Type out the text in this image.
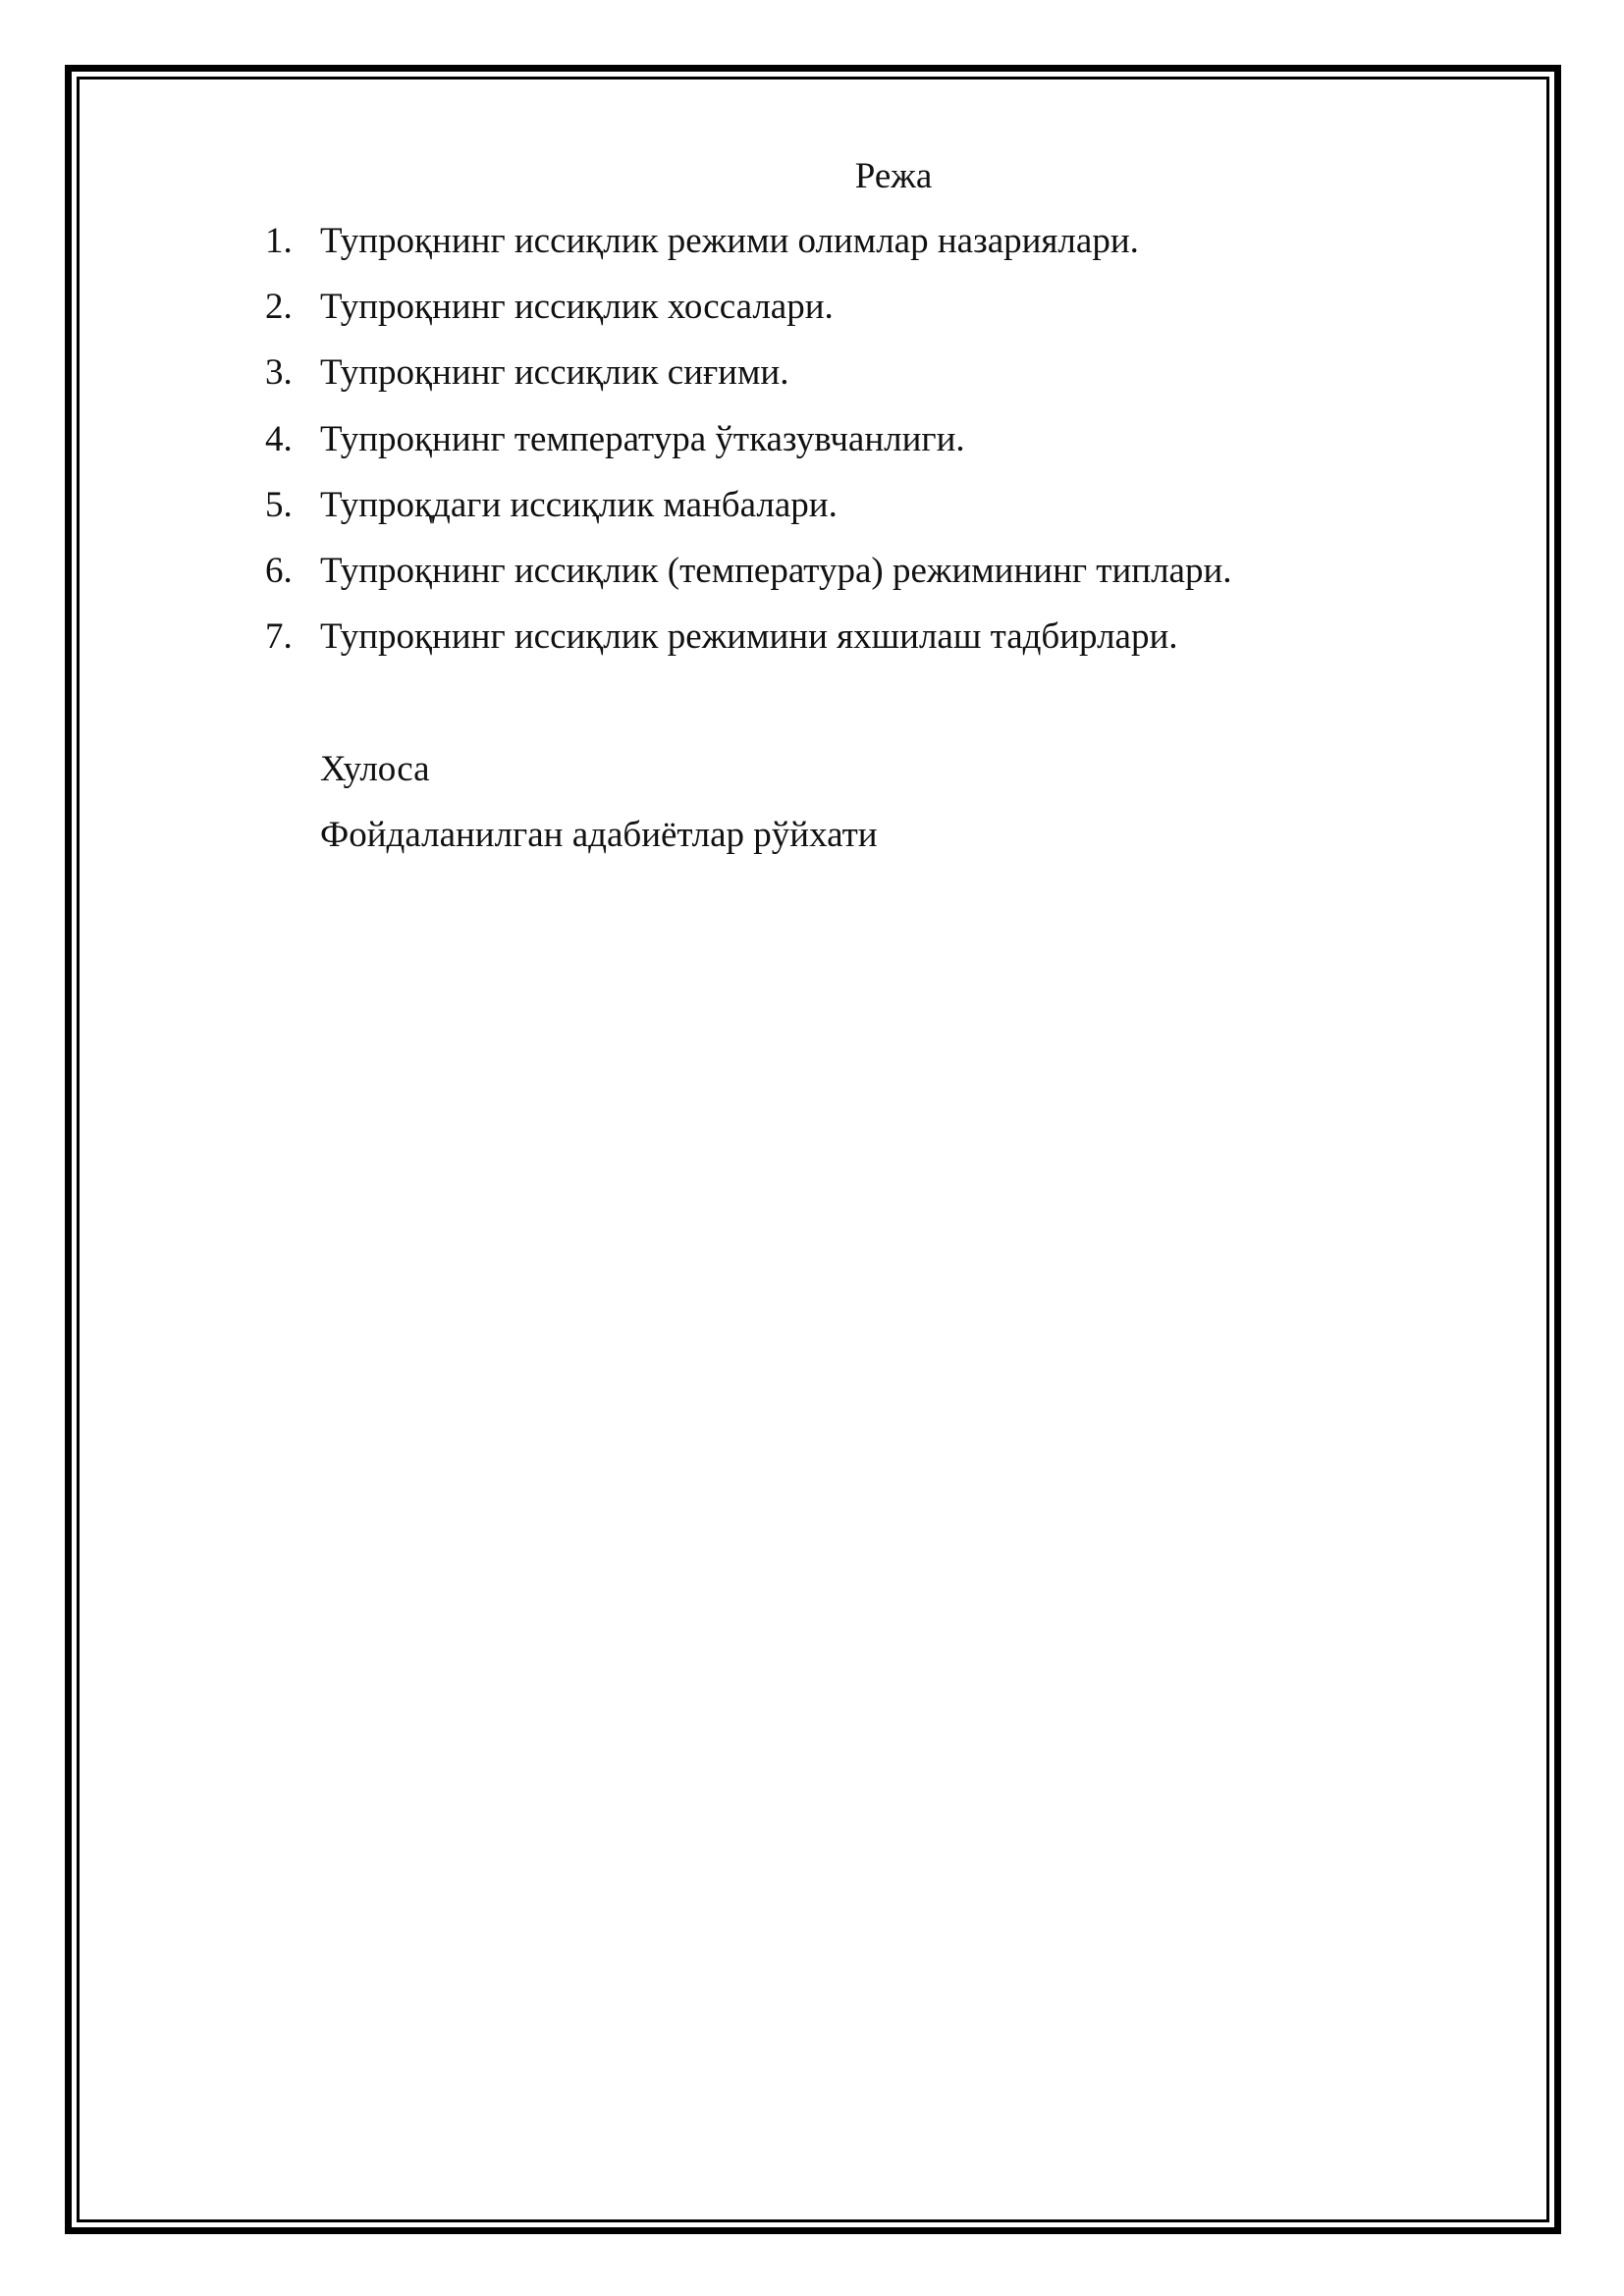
Режа
1. Тупроқнинг иссиқлик режими олимлар назариялари.
2. Тупроқнинг иссиқлик хоссалари.
3. Тупроқнинг иссиқлик сиғими.
4. Тупроқнинг температура ўтказувчанлиги.
5. Тупроқдаги иссиқлик манбалари.
6. Тупроқнинг иссиқлик (температура) режимининг типлари.
7. Тупроқнинг иссиқлик режимини яхшилаш тадбирлари.

Хулоса

Фойдаланилган адабиётлар рўйхати
